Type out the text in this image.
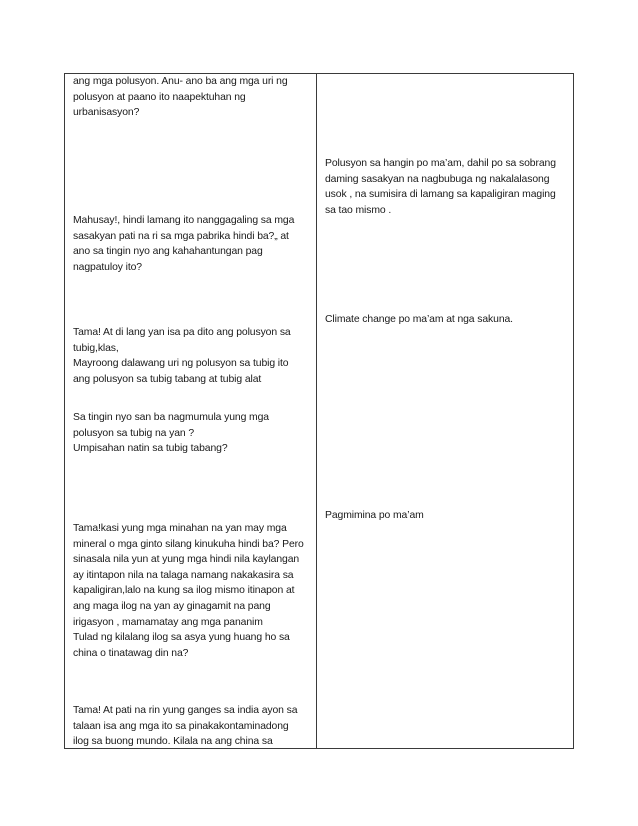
ang mga polusyon. Anu- ano ba ang mga uri ng
polusyon at paano ito naapektuhan ng
urbanisasyon?

Mahusay!, hindi lamang ito nanggagaling sa mga
sasakyan pati na ri sa mga pabrika hindi ba?„ at
ano sa tingin nyo ang kahahantungan pag
nagpatuloy ito?

Tama! At di lang yan isa pa dito ang polusyon sa
tubig,klas,
Mayroong dalawang uri ng polusyon sa tubig ito
ang polusyon sa tubig tabang at tubig alat

Sa tingin nyo san ba nagmumula yung mga
polusyon sa tubig na yan ?
Umpisahan natin sa tubig tabang?

Tama!kasi yung mga minahan na yan may mga
mineral o mga ginto silang kinukuha hindi ba? Pero
sinasala nila yun at yung mga hindi nila kaylangan
ay itintapon nila na talaga namang nakakasira sa
kapaligiran,lalo na kung sa ilog mismo itinapon at
ang maga ilog na yan ay ginagamit na pang
irigasyon , mamamatay ang mga pananim
Tulad ng kilalang ilog sa asya yung huang ho sa
china o tinatawag din na?

Tama! At pati na rin yung ganges sa india ayon sa
talaan isa ang mga ito sa pinakakontaminadong
ilog sa buong mundo. Kilala na ang china sa

Polusyon sa hangin po ma’am, dahil po sa sobrang
daming sasakyan na nagbubuga ng nakalalasong
usok , na sumisira di lamang sa kapaligiran maging
sa tao mismo .

Climate change po ma’am at nga sakuna.

Pagmimina po ma’am
